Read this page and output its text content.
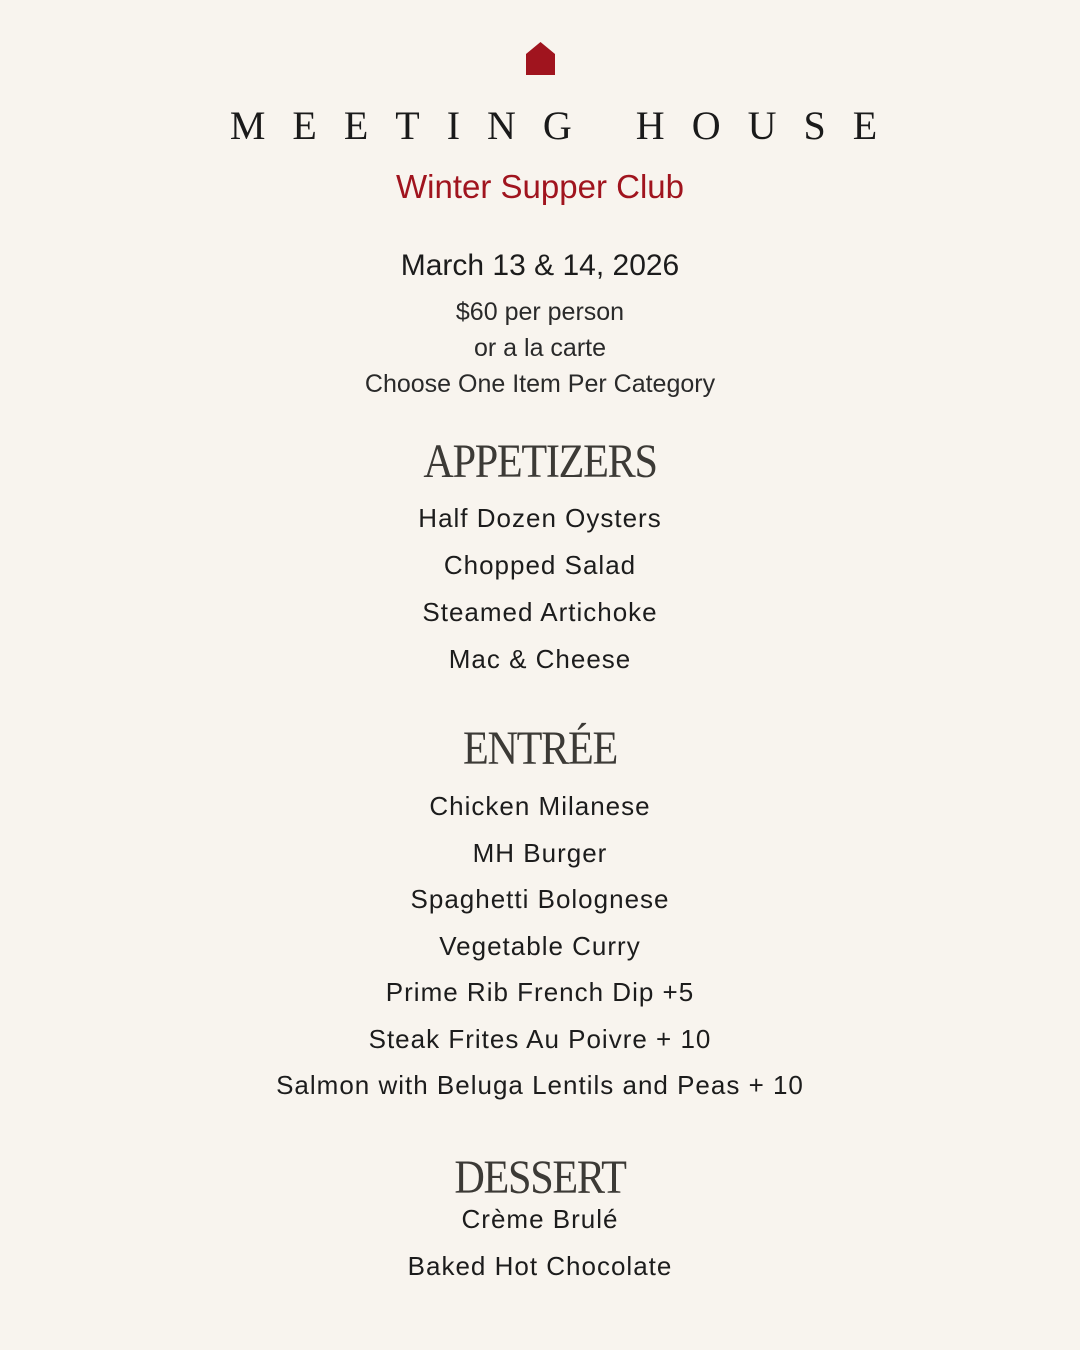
MEETING HOUSE
Winter Supper Club
March 13 & 14, 2026
$60 per person
or a la carte
Choose One Item Per Category
APPETIZERS
Half Dozen Oysters
Chopped Salad
Steamed Artichoke
Mac & Cheese
ENTRÉE
Chicken Milanese
MH Burger
Spaghetti Bolognese
Vegetable Curry
Prime Rib French Dip +5
Steak Frites Au Poivre + 10
Salmon with Beluga Lentils and Peas + 10
DESSERT
Crème Brulé
Baked Hot Chocolate
